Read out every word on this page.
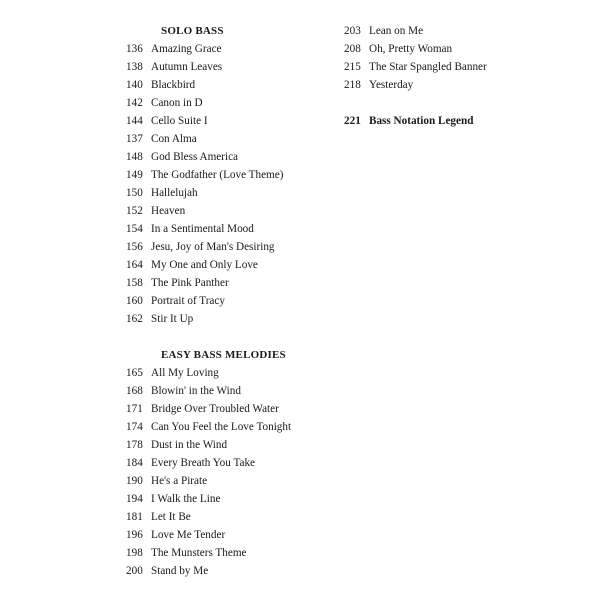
SOLO BASS
136 Amazing Grace
138 Autumn Leaves
140 Blackbird
142 Canon in D
144 Cello Suite I
137 Con Alma
148 God Bless America
149 The Godfather (Love Theme)
150 Hallelujah
152 Heaven
154 In a Sentimental Mood
156 Jesu, Joy of Man's Desiring
164 My One and Only Love
158 The Pink Panther
160 Portrait of Tracy
162 Stir It Up
EASY BASS MELODIES
165 All My Loving
168 Blowin' in the Wind
171 Bridge Over Troubled Water
174 Can You Feel the Love Tonight
178 Dust in the Wind
184 Every Breath You Take
190 He's a Pirate
194 I Walk the Line
181 Let It Be
196 Love Me Tender
198 The Munsters Theme
200 Stand by Me
203 Lean on Me
208 Oh, Pretty Woman
215 The Star Spangled Banner
218 Yesterday
221 Bass Notation Legend
